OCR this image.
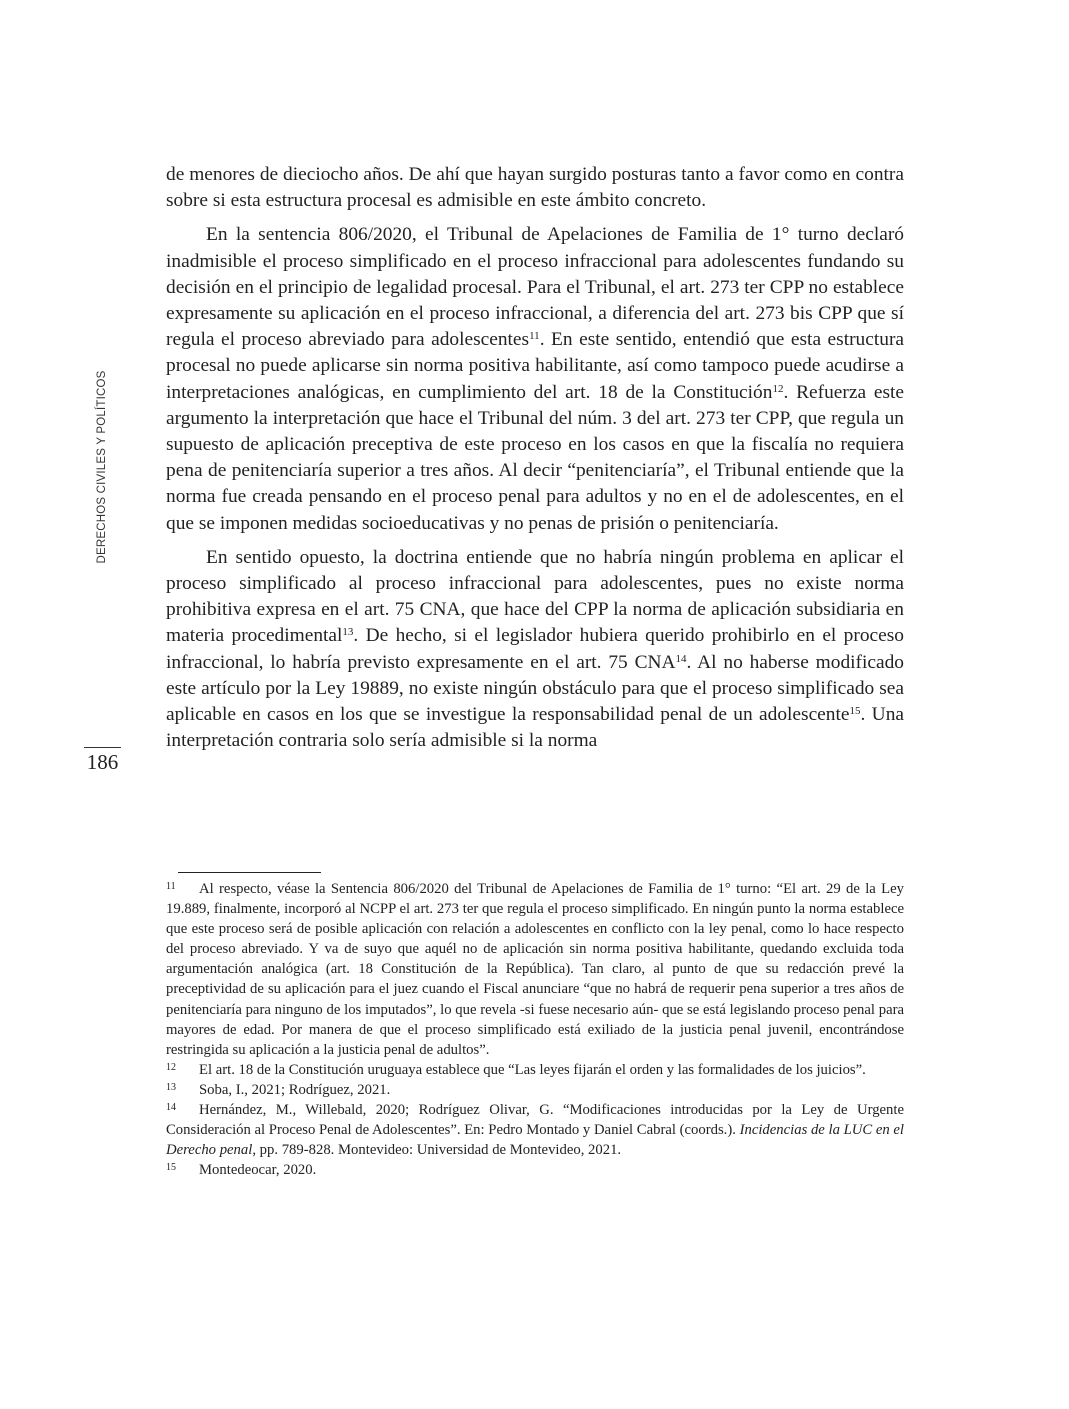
DERECHOS CIVILES Y POLÍTICOS
186

de menores de dieciocho años. De ahí que hayan surgido posturas tanto a favor como en contra sobre si esta estructura procesal es admisible en este ámbito concreto.

En la sentencia 806/2020, el Tribunal de Apelaciones de Familia de 1° turno declaró inadmisible el proceso simplificado en el proceso infraccional para adolescentes fundando su decisión en el principio de legalidad procesal. Para el Tribunal, el art. 273 ter CPP no establece expresamente su aplicación en el proceso infraccional, a diferencia del art. 273 bis CPP que sí regula el proceso abreviado para adolescentes$^{11}$. En este sentido, entendió que esta estructura procesal no puede aplicarse sin norma positiva habilitante, así como tampoco puede acudirse a interpretaciones analógicas, en cumplimiento del art. 18 de la Constitución$^{12}$. Refuerza este argumento la interpretación que hace el Tribunal del núm. 3 del art. 273 ter CPP, que regula un supuesto de aplicación preceptiva de este proceso en los casos en que la fiscalía no requiera pena de penitenciaría superior a tres años. Al decir “penitenciaría”, el Tribunal entiende que la norma fue creada pensando en el proceso penal para adultos y no en el de adolescentes, en el que se imponen medidas socioeducativas y no penas de prisión o penitenciaría.

En sentido opuesto, la doctrina entiende que no habría ningún problema en aplicar el proceso simplificado al proceso infraccional para adolescentes, pues no existe norma prohibitiva expresa en el art. 75 CNA, que hace del CPP la norma de aplicación subsidiaria en materia procedimental$^{13}$. De hecho, si el legislador hubiera querido prohibirlo en el proceso infraccional, lo habría previsto expresamente en el art. 75 CNA$^{14}$. Al no haberse modificado este artículo por la Ley 19889, no existe ningún obstáculo para que el proceso simplificado sea aplicable en casos en los que se investigue la responsabilidad penal de un adolescente$^{15}$. Una interpretación contraria solo sería admisible si la norma

11 Al respecto, véase la Sentencia 806/2020 del Tribunal de Apelaciones de Familia de 1° turno: “El art. 29 de la Ley 19.889, finalmente, incorporó al NCPP el art. 273 ter que regula el proceso simplificado. En ningún punto la norma establece que este proceso será de posible aplicación con relación a adolescentes en conflicto con la ley penal, como lo hace respecto del proceso abreviado. Y va de suyo que aquél no de aplicación sin norma positiva habilitante, quedando excluida toda argumentación analógica (art. 18 Constitución de la República). Tan claro, al punto de que su redacción prevé la preceptividad de su aplicación para el juez cuando el Fiscal anunciare “que no habrá de requerir pena superior a tres años de penitenciaría para ninguno de los imputados”, lo que revela -si fuese necesario aún- que se está legislando proceso penal para mayores de edad. Por manera de que el proceso simplificado está exiliado de la justicia penal juvenil, encontrándose restringida su aplicación a la justicia penal de adultos”.

12 El art. 18 de la Constitución uruguaya establece que “Las leyes fijarán el orden y las formalidades de los juicios”.

13 Soba, I., 2021; Rodríguez, 2021.

14 Hernández, M., Willebald, 2020; Rodríguez Olivar, G. “Modificaciones introducidas por la Ley de Urgente Consideración al Proceso Penal de Adolescentes”. En: Pedro Montado y Daniel Cabral (coords.). Incidencias de la LUC en el Derecho penal, pp. 789-828. Montevideo: Universidad de Montevideo, 2021.

15 Montedeocar, 2020.
